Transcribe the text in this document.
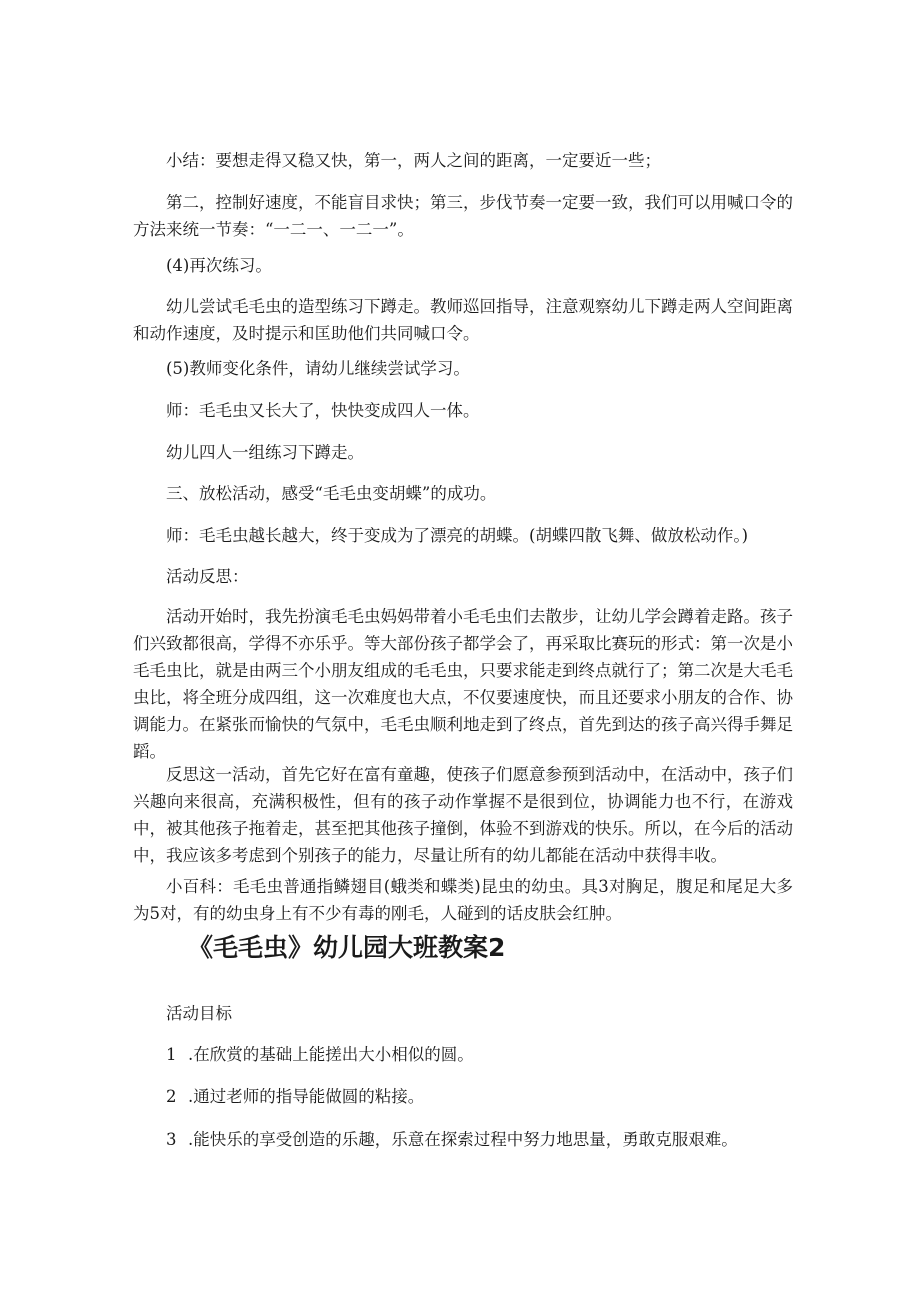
小结：要想走得又稳又快，第一，两人之间的距离，一定要近一些；

第二，控制好速度，不能盲目求快；第三，步伐节奏一定要一致，我们可以用喊口令的方法来统一节奏：“一二一、一二一”。

(4)再次练习。

幼儿尝试毛毛虫的造型练习下蹲走。教师巡回指导，注意观察幼儿下蹲走两人空间距离和动作速度，及时提示和匡助他们共同喊口令。

(5)教师变化条件，请幼儿继续尝试学习。

师：毛毛虫又长大了，快快变成四人一体。

幼儿四人一组练习下蹲走。

三、放松活动，感受“毛毛虫变胡蝶”的成功。

师：毛毛虫越长越大，终于变成为了漂亮的胡蝶。(胡蝶四散飞舞、做放松动作。)

活动反思：

活动开始时，我先扮演毛毛虫妈妈带着小毛毛虫们去散步，让幼儿学会蹲着走路。孩子们兴致都很高，学得不亦乐乎。等大部份孩子都学会了，再采取比赛玩的形式：第一次是小毛毛虫比，就是由两三个小朋友组成的毛毛虫，只要求能走到终点就行了；第二次是大毛毛虫比，将全班分成四组，这一次难度也大点，不仅要速度快，而且还要求小朋友的合作、协调能力。在紧张而愉快的气氛中，毛毛虫顺利地走到了终点，首先到达的孩子高兴得手舞足蹈。

反思这一活动，首先它好在富有童趣，使孩子们愿意参预到活动中，在活动中，孩子们兴趣向来很高，充满积极性，但有的孩子动作掌握不是很到位，协调能力也不行，在游戏中，被其他孩子拖着走，甚至把其他孩子撞倒，体验不到游戏的快乐。所以，在今后的活动中，我应该多考虑到个别孩子的能力，尽量让所有的幼儿都能在活动中获得丰收。

小百科：毛毛虫普通指鳞翅目(蛾类和蝶类)昆虫的幼虫。具3对胸足，腹足和尾足大多为5对，有的幼虫身上有不少有毒的刚毛，人碰到的话皮肤会红肿。

《毛毛虫》幼儿园大班教案2

活动目标

1 .在欣赏的基础上能搓出大小相似的圆。

2 .通过老师的指导能做圆的粘接。

3 .能快乐的享受创造的乐趣，乐意在探索过程中努力地思量，勇敢克服艰难。
